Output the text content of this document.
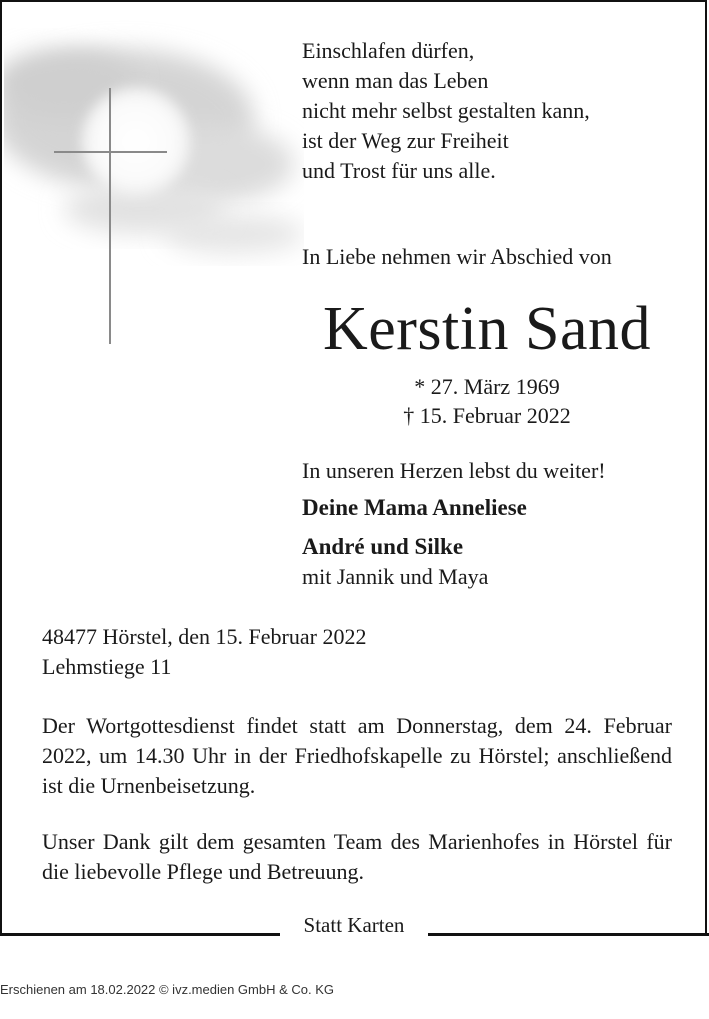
Einschlafen dürfen,
wenn man das Leben
nicht mehr selbst gestalten kann,
ist der Weg zur Freiheit
und Trost für uns alle.
In Liebe nehmen wir Abschied von
Kerstin Sand
* 27. März 1969
† 15. Februar 2022
In unseren Herzen lebst du weiter!
Deine Mama Anneliese
André und Silke
mit Jannik und Maya
48477 Hörstel, den 15. Februar 2022
Lehmstiege 11
Der Wortgottesdienst findet statt am Donnerstag, dem 24. Februar 2022, um 14.30 Uhr in der Friedhofskapelle zu Hörstel; anschließend ist die Urnenbeisetzung.
Unser Dank gilt dem gesamten Team des Marienhofes in Hörstel für die liebevolle Pflege und Betreuung.
Statt Karten
Erschienen am 18.02.2022 © ivz.medien GmbH & Co. KG
